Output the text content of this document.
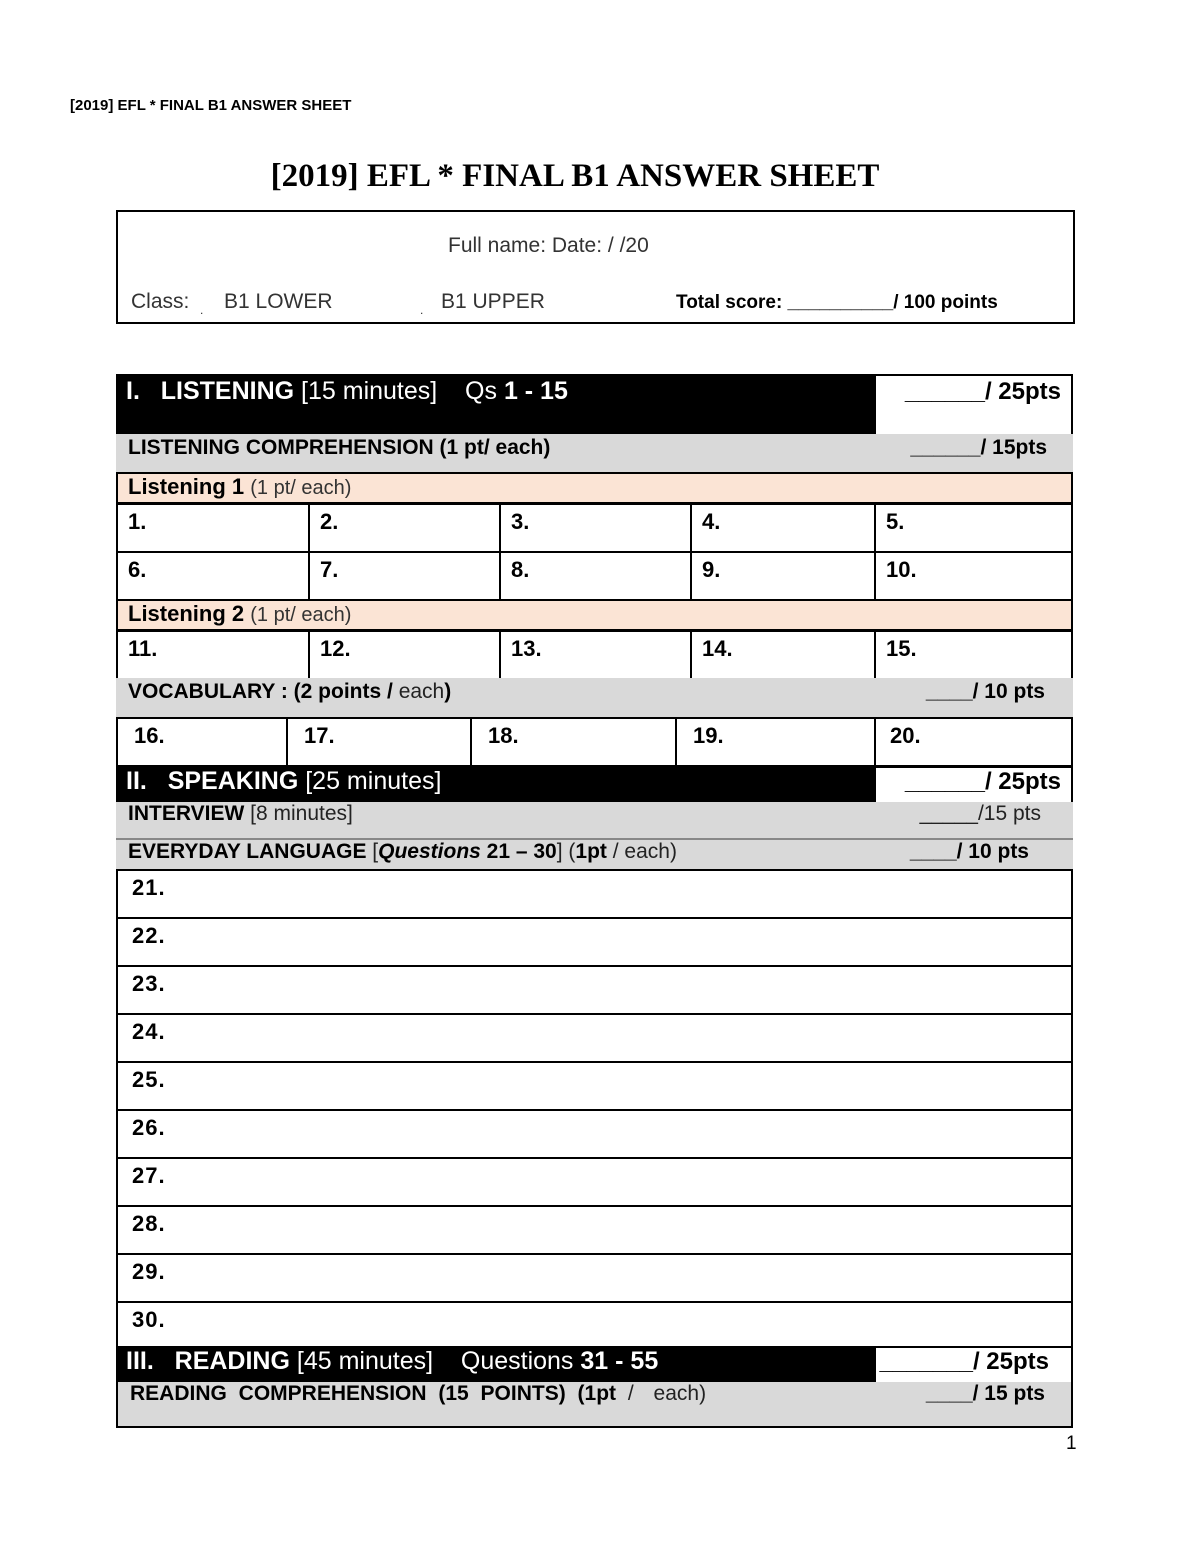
[2019] EFL * FINAL B1 ANSWER SHEET
[2019] EFL * FINAL B1 ANSWER SHEET
Full name: Date: / /20
Class: . B1 LOWER	. B1 UPPER	Total score: __________/ 100 points
I. LISTENING [15 minutes] Qs 1 - 15	______/ 25pts
LISTENING COMPREHENSION (1 pt/ each)	______/ 15pts
Listening 1 (1 pt/ each)
1.	2.	3.	4.	5.
6.	7.	8.	9.	10.
Listening 2 (1 pt/ each)
11.	12.	13.	14.	15.
VOCABULARY : (2 points / each)	____/ 10 pts
16.	17.	18.	19.	20.
II. SPEAKING [25 minutes]	______/ 25pts
INTERVIEW [8 minutes]	_____/15 pts
EVERYDAY LANGUAGE [Questions 21 – 30] (1pt / each)	____/ 10 pts
21.
22.
23.
24.
25.
26.
27.
28.
29.
30.
III. READING [45 minutes] Questions 31 - 55	_______/ 25pts
READING COMPREHENSION (15 POINTS) (1pt / each)	____/ 15 pts
1
